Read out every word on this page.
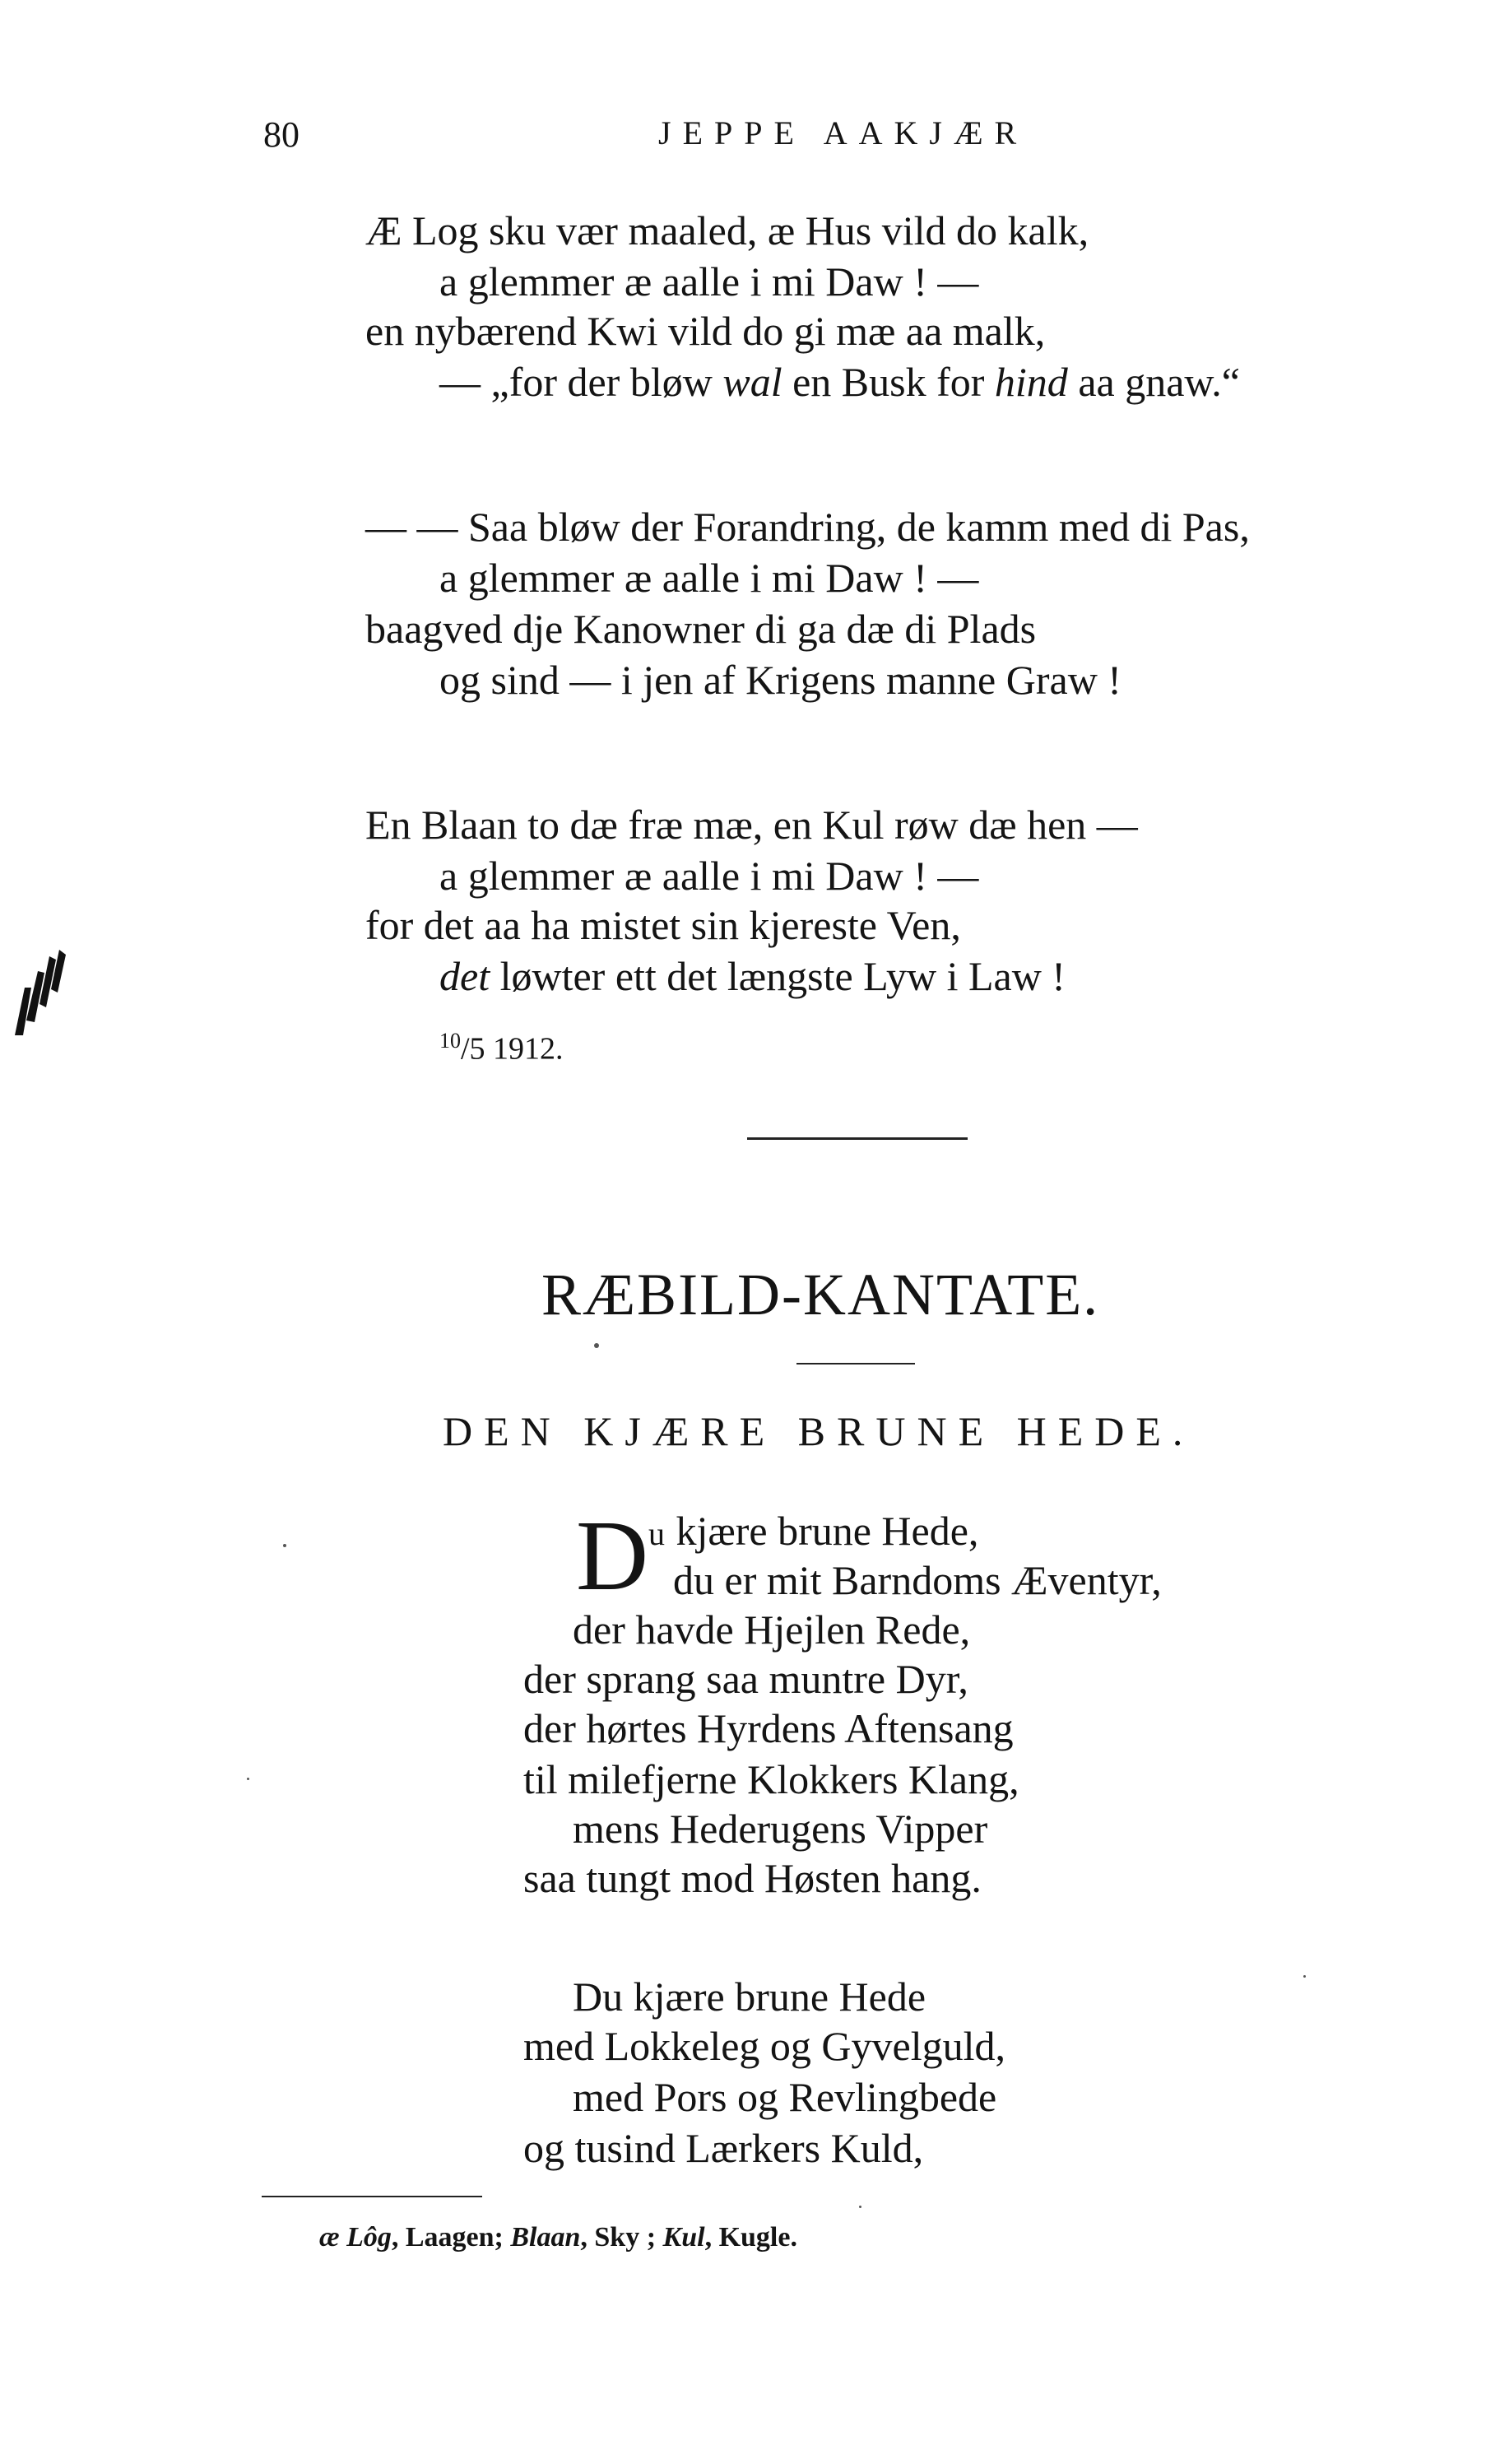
80	JEPPE AAKJÆR
Æ Log sku vær maaled, æ Hus vild do kalk,
a glemmer æ aalle i mi Daw ! —
en nybærend Kwi vild do gi mæ aa malk,
— „for der bløw wal en Busk for hind aa gnaw.“
— — Saa bløw der Forandring, de kamm med di Pas,
a glemmer æ aalle i mi Daw ! —
baagved dje Kanowner di ga dæ di Plads
og sind — i jen af Krigens manne Graw !
En Blaan to dæ fræ mæ, en Kul røw dæ hen —
a glemmer æ aalle i mi Daw ! —
for det aa ha mistet sin kjereste Ven,
det løwter ett det længste Lyw i Law !
$^{10}$/5 1912.
RÆBILD-KANTATE.
DEN KJÆRE BRUNE HEDE.
D u kjære brune Hede,
du er mit Barndoms Æventyr,
der havde Hjejlen Rede,
der sprang saa muntre Dyr,
der hørtes Hyrdens Aftensang
til milefjerne Klokkers Klang,
mens Hederugens Vipper
saa tungt mod Høsten hang.
Du kjære brune Hede
med Lokkeleg og Gyvelguld,
med Pors og Revlingbede
og tusind Lærkers Kuld,
æ Lôg, Laagen; Blaan, Sky ; Kul, Kugle.
